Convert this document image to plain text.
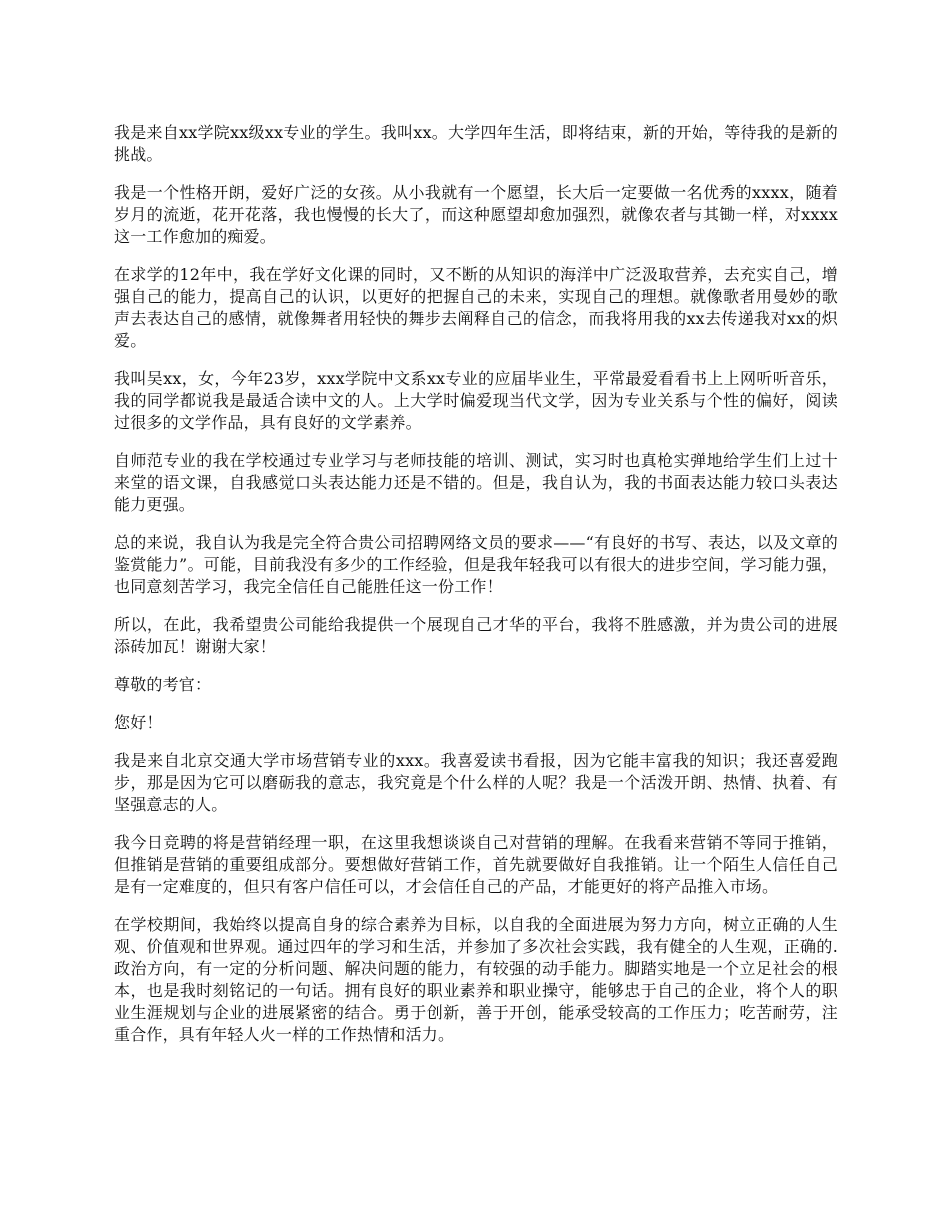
我是来自xx学院xx级xx专业的学生。我叫xx。大学四年生活，即将结束，新的开始，等待我的是新的挑战。

我是一个性格开朗，爱好广泛的女孩。从小我就有一个愿望，长大后一定要做一名优秀的xxxx，随着岁月的流逝，花开花落，我也慢慢的长大了，而这种愿望却愈加强烈，就像农者与其锄一样，对xxxx这一工作愈加的痴爱。

在求学的12年中，我在学好文化课的同时，又不断的从知识的海洋中广泛汲取营养，去充实自己，增强自己的能力，提高自己的认识，以更好的把握自己的未来，实现自己的理想。就像歌者用曼妙的歌声去表达自己的感情，就像舞者用轻快的舞步去阐释自己的信念，而我将用我的xx去传递我对xx的炽爱。

我叫吴xx，女，今年23岁，xxx学院中文系xx专业的应届毕业生，平常最爱看看书上上网听听音乐，我的同学都说我是最适合读中文的人。上大学时偏爱现当代文学，因为专业关系与个性的偏好，阅读过很多的文学作品，具有良好的文学素养。

自师范专业的我在学校通过专业学习与老师技能的培训、测试，实习时也真枪实弹地给学生们上过十来堂的语文课，自我感觉口头表达能力还是不错的。但是，我自认为，我的书面表达能力较口头表达能力更强。

总的来说，我自认为我是完全符合贵公司招聘网络文员的要求——“有良好的书写、表达，以及文章的鉴赏能力”。可能，目前我没有多少的工作经验，但是我年轻我可以有很大的进步空间，学习能力强，也同意刻苦学习，我完全信任自己能胜任这一份工作！

所以，在此，我希望贵公司能给我提供一个展现自己才华的平台，我将不胜感激，并为贵公司的进展添砖加瓦！谢谢大家！

尊敬的考官：

您好！

我是来自北京交通大学市场营销专业的xxx。我喜爱读书看报，因为它能丰富我的知识；我还喜爱跑步，那是因为它可以磨砺我的意志，我究竟是个什么样的人呢？我是一个活泼开朗、热情、执着、有坚强意志的人。

我今日竞聘的将是营销经理一职，在这里我想谈谈自己对营销的理解。在我看来营销不等同于推销，但推销是营销的重要组成部分。要想做好营销工作，首先就要做好自我推销。让一个陌生人信任自己是有一定难度的，但只有客户信任可以，才会信任自己的产品，才能更好的将产品推入市场。

在学校期间，我始终以提高自身的综合素养为目标，以自我的全面进展为努力方向，树立正确的人生观、价值观和世界观。通过四年的学习和生活，并参加了多次社会实践，我有健全的人生观，正确的.政治方向，有一定的分析问题、解决问题的能力，有较强的动手能力。脚踏实地是一个立足社会的根本，也是我时刻铭记的一句话。拥有良好的职业素养和职业操守，能够忠于自己的企业，将个人的职业生涯规划与企业的进展紧密的结合。勇于创新，善于开创，能承受较高的工作压力；吃苦耐劳，注重合作，具有年轻人火一样的工作热情和活力。
